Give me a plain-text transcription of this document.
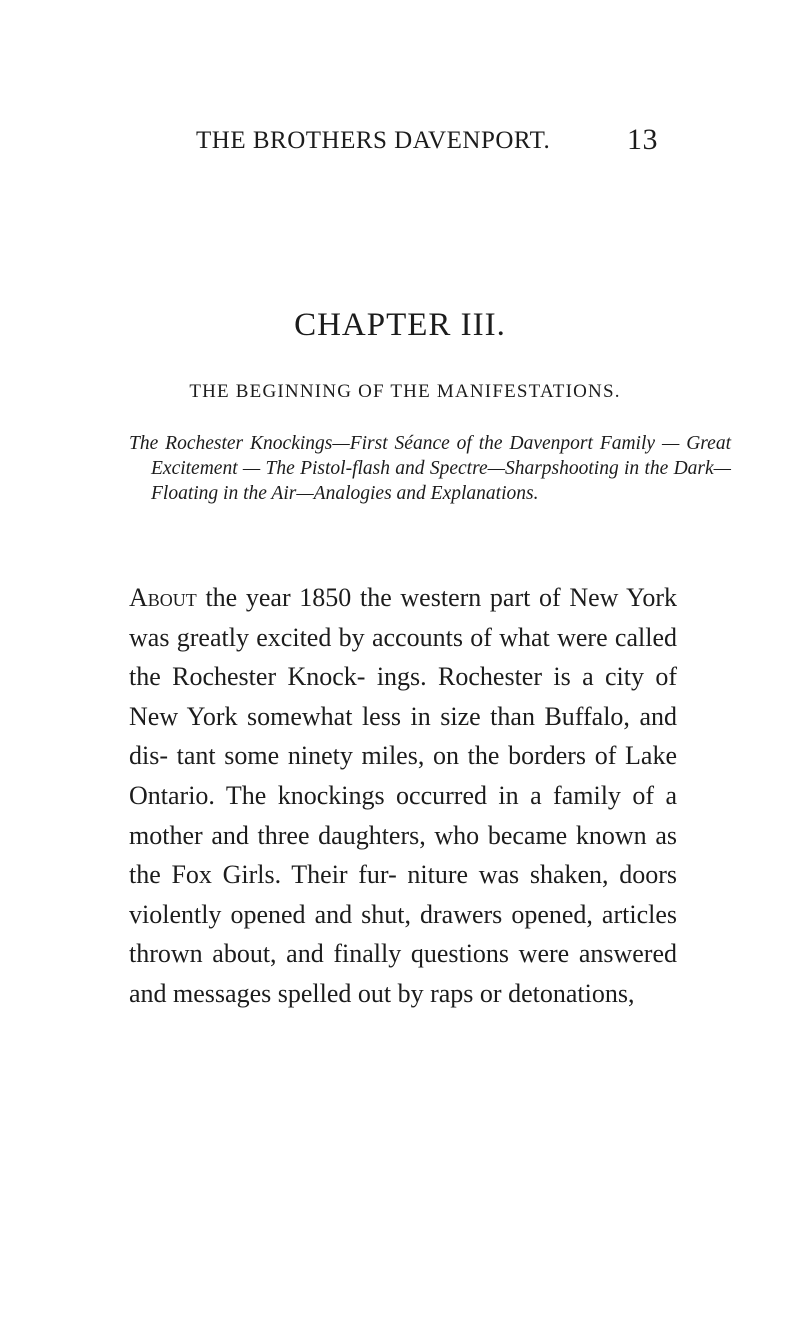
THE BROTHERS DAVENPORT.	13
CHAPTER III.
THE BEGINNING OF THE MANIFESTATIONS.
The Rochester Knockings—First Séance of the Davenport Family — Great Excitement — The Pistol-flash and Spectre—Sharpshooting in the Dark—Floating in the Air—Analogies and Explanations.
About the year 1850 the western part of New York was greatly excited by accounts of what were called the Rochester Knock- ings. Rochester is a city of New York somewhat less in size than Buffalo, and dis- tant some ninety miles, on the borders of Lake Ontario. The knockings occurred in a family of a mother and three daughters, who became known as the Fox Girls. Their fur- niture was shaken, doors violently opened and shut, drawers opened, articles thrown about, and finally questions were answered and messages spelled out by raps or detonations,
